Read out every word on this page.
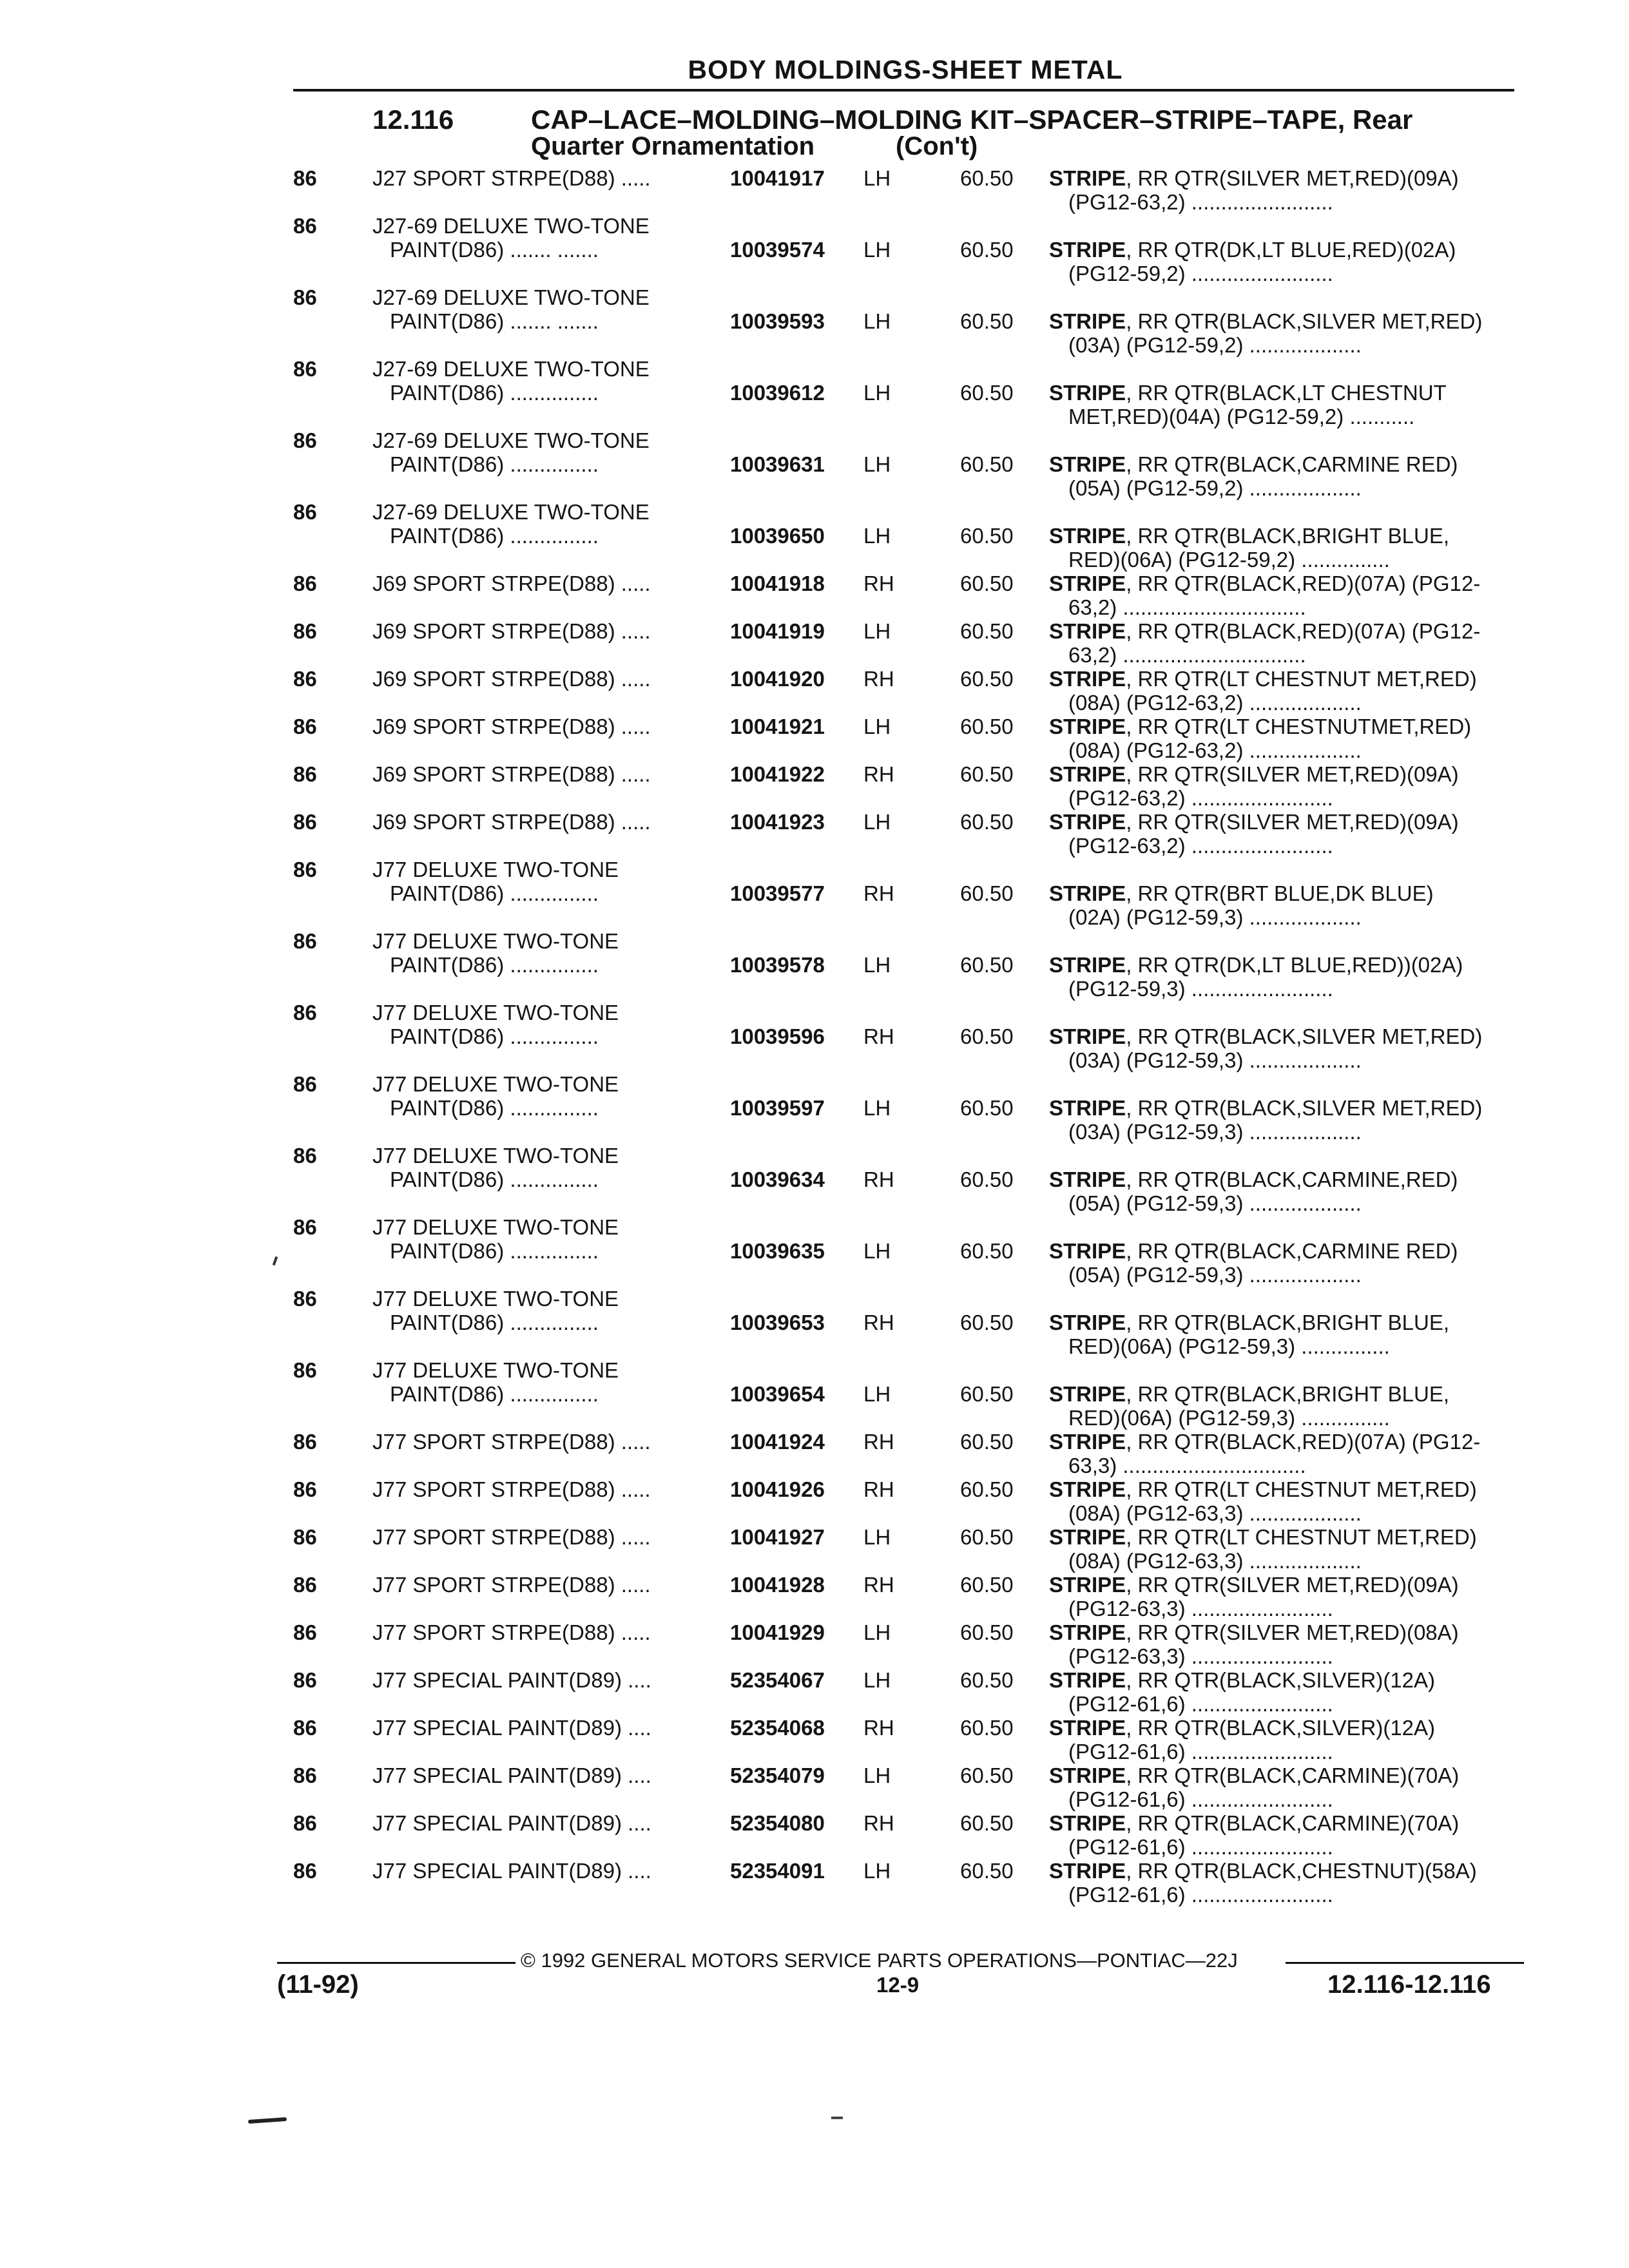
BODY MOLDINGS-SHEET METAL
12.116	CAP–LACE–MOLDING–MOLDING KIT–SPACER–STRIPE–TAPE, Rear
Quarter Ornamentation	(Con't)
86	J27 SPORT STRPE(D88) .....	10041917 LH	60.50 STRIPE, RR QTR(SILVER MET,RED)(09A)
(PG12-63,2) ........................
86	J27-69 DELUXE TWO-TONE
PAINT(D86) ....... .......	10039574 LH	60.50 STRIPE, RR QTR(DK,LT BLUE,RED)(02A)
(PG12-59,2) ........................
86	J27-69 DELUXE TWO-TONE
PAINT(D86) ....... .......	10039593 LH	60.50 STRIPE, RR QTR(BLACK,SILVER MET,RED)
(03A) (PG12-59,2) ...................
86	J27-69 DELUXE TWO-TONE
PAINT(D86) ...............	10039612 LH	60.50 STRIPE, RR QTR(BLACK,LT CHESTNUT
MET,RED)(04A) (PG12-59,2) ...........
86	J27-69 DELUXE TWO-TONE
PAINT(D86) ...............	10039631 LH	60.50 STRIPE, RR QTR(BLACK,CARMINE RED)
(05A) (PG12-59,2) ...................
86	J27-69 DELUXE TWO-TONE
PAINT(D86) ...............	10039650 LH	60.50 STRIPE, RR QTR(BLACK,BRIGHT BLUE,
RED)(06A) (PG12-59,2) ...............
86	J69 SPORT STRPE(D88) .....	10041918 RH	60.50 STRIPE, RR QTR(BLACK,RED)(07A) (PG12-
63,2) ...............................
86	J69 SPORT STRPE(D88) .....	10041919 LH	60.50 STRIPE, RR QTR(BLACK,RED)(07A) (PG12-
63,2) ...............................
86	J69 SPORT STRPE(D88) .....	10041920 RH	60.50 STRIPE, RR QTR(LT CHESTNUT MET,RED)
(08A) (PG12-63,2) ...................
86	J69 SPORT STRPE(D88) .....	10041921 LH	60.50 STRIPE, RR QTR(LT CHESTNUTMET,RED)
(08A) (PG12-63,2) ...................
86	J69 SPORT STRPE(D88) .....	10041922 RH	60.50 STRIPE, RR QTR(SILVER MET,RED)(09A)
(PG12-63,2) ........................
86	J69 SPORT STRPE(D88) .....	10041923 LH	60.50 STRIPE, RR QTR(SILVER MET,RED)(09A)
(PG12-63,2) ........................
86	J77 DELUXE TWO-TONE
PAINT(D86) ...............	10039577 RH	60.50 STRIPE, RR QTR(BRT BLUE,DK BLUE)
(02A) (PG12-59,3) ...................
86	J77 DELUXE TWO-TONE
PAINT(D86) ...............	10039578 LH	60.50 STRIPE, RR QTR(DK,LT BLUE,RED))(02A)
(PG12-59,3) ........................
86	J77 DELUXE TWO-TONE
PAINT(D86) ...............	10039596 RH	60.50 STRIPE, RR QTR(BLACK,SILVER MET,RED)
(03A) (PG12-59,3) ...................
86	J77 DELUXE TWO-TONE
PAINT(D86) ...............	10039597 LH	60.50 STRIPE, RR QTR(BLACK,SILVER MET,RED)
(03A) (PG12-59,3) ...................
86	J77 DELUXE TWO-TONE
PAINT(D86) ...............	10039634 RH	60.50 STRIPE, RR QTR(BLACK,CARMINE,RED)
(05A) (PG12-59,3) ...................
86	J77 DELUXE TWO-TONE
PAINT(D86) ...............	10039635 LH	60.50 STRIPE, RR QTR(BLACK,CARMINE RED)
(05A) (PG12-59,3) ...................
86	J77 DELUXE TWO-TONE
PAINT(D86) ...............	10039653 RH	60.50 STRIPE, RR QTR(BLACK,BRIGHT BLUE,
RED)(06A) (PG12-59,3) ...............
86	J77 DELUXE TWO-TONE
PAINT(D86) ...............	10039654 LH	60.50 STRIPE, RR QTR(BLACK,BRIGHT BLUE,
RED)(06A) (PG12-59,3) ...............
86	J77 SPORT STRPE(D88) .....	10041924 RH	60.50 STRIPE, RR QTR(BLACK,RED)(07A) (PG12-
63,3) ...............................
86	J77 SPORT STRPE(D88) .....	10041926 RH	60.50 STRIPE, RR QTR(LT CHESTNUT MET,RED)
(08A) (PG12-63,3) ...................
86	J77 SPORT STRPE(D88) .....	10041927 LH	60.50 STRIPE, RR QTR(LT CHESTNUT MET,RED)
(08A) (PG12-63,3) ...................
86	J77 SPORT STRPE(D88) .....	10041928 RH	60.50 STRIPE, RR QTR(SILVER MET,RED)(09A)
(PG12-63,3) ........................
86	J77 SPORT STRPE(D88) .....	10041929 LH	60.50 STRIPE, RR QTR(SILVER MET,RED)(08A)
(PG12-63,3) ........................
86	J77 SPECIAL PAINT(D89) ....	52354067 LH	60.50 STRIPE, RR QTR(BLACK,SILVER)(12A)
(PG12-61,6) ........................
86	J77 SPECIAL PAINT(D89) ....	52354068 RH	60.50 STRIPE, RR QTR(BLACK,SILVER)(12A)
(PG12-61,6) ........................
86	J77 SPECIAL PAINT(D89) ....	52354079 LH	60.50 STRIPE, RR QTR(BLACK,CARMINE)(70A)
(PG12-61,6) ........................
86	J77 SPECIAL PAINT(D89) ....	52354080 RH	60.50 STRIPE, RR QTR(BLACK,CARMINE)(70A)
(PG12-61,6) ........................
86	J77 SPECIAL PAINT(D89) ....	52354091 LH	60.50 STRIPE, RR QTR(BLACK,CHESTNUT)(58A)
(PG12-61,6) ........................
© 1992 GENERAL MOTORS SERVICE PARTS OPERATIONS—PONTIAC—22J
(11-92)	12-9	12.116-12.116
